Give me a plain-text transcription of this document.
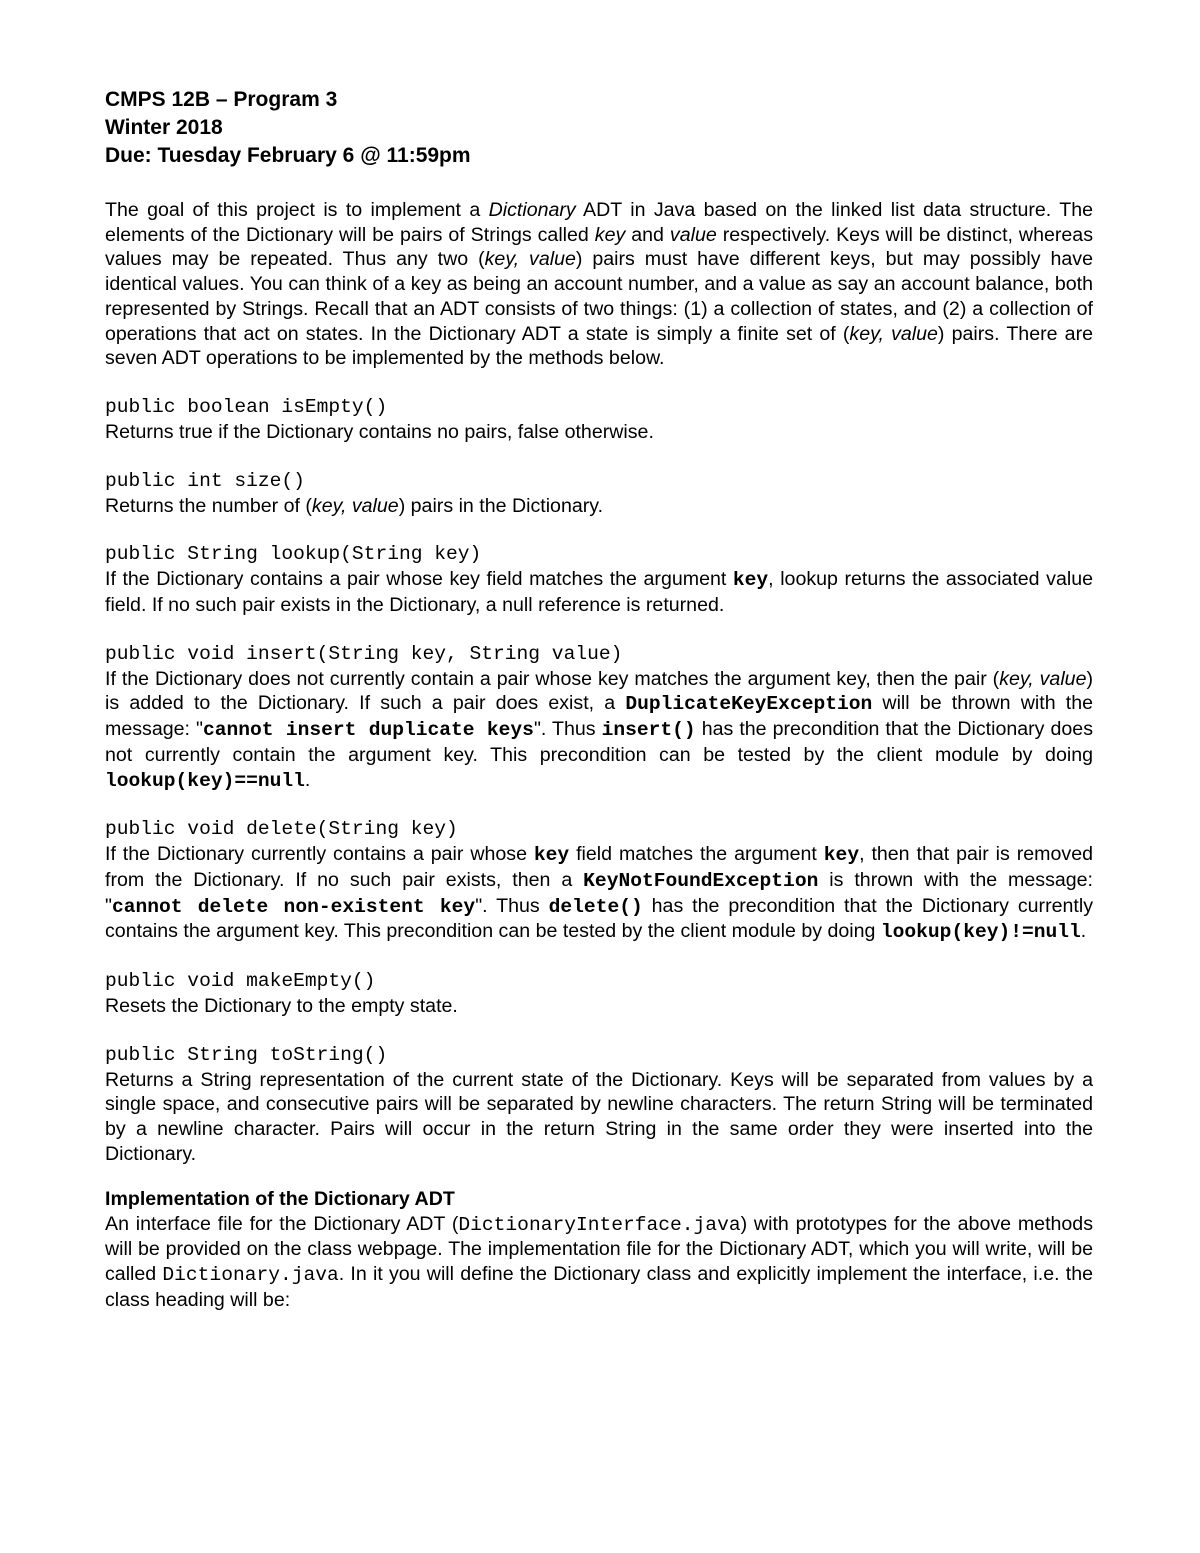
CMPS 12B – Program 3
Winter 2018
Due: Tuesday February 6 @ 11:59pm

The goal of this project is to implement a Dictionary ADT in Java based on the linked list data structure. The elements of the Dictionary will be pairs of Strings called key and value respectively. Keys will be distinct, whereas values may be repeated. Thus any two (key, value) pairs must have different keys, but may possibly have identical values. You can think of a key as being an account number, and a value as say an account balance, both represented by Strings. Recall that an ADT consists of two things: (1) a collection of states, and (2) a collection of operations that act on states. In the Dictionary ADT a state is simply a finite set of (key, value) pairs. There are seven ADT operations to be implemented by the methods below.

public boolean isEmpty()

Returns true if the Dictionary contains no pairs, false otherwise.

public int size()

Returns the number of (key, value) pairs in the Dictionary.

public String lookup(String key)

If the Dictionary contains a pair whose key field matches the argument key, lookup returns the associated value field. If no such pair exists in the Dictionary, a null reference is returned.

public void insert(String key, String value)

If the Dictionary does not currently contain a pair whose key matches the argument key, then the pair (key, value) is added to the Dictionary. If such a pair does exist, a DuplicateKeyException will be thrown with the message: "cannot insert duplicate keys". Thus insert() has the precondition that the Dictionary does not currently contain the argument key. This precondition can be tested by the client module by doing lookup(key)==null.

public void delete(String key)

If the Dictionary currently contains a pair whose key field matches the argument key, then that pair is removed from the Dictionary. If no such pair exists, then a KeyNotFoundException is thrown with the message: "cannot delete non-existent key". Thus delete() has the precondition that the Dictionary currently contains the argument key. This precondition can be tested by the client module by doing lookup(key)!=null.

public void makeEmpty()

Resets the Dictionary to the empty state.

public String toString()

Returns a String representation of the current state of the Dictionary. Keys will be separated from values by a single space, and consecutive pairs will be separated by newline characters. The return String will be terminated by a newline character. Pairs will occur in the return String in the same order they were inserted into the Dictionary.

Implementation of the Dictionary ADT

An interface file for the Dictionary ADT (DictionaryInterface.java) with prototypes for the above methods will be provided on the class webpage. The implementation file for the Dictionary ADT, which you will write, will be called Dictionary.java. In it you will define the Dictionary class and explicitly implement the interface, i.e. the class heading will be:
